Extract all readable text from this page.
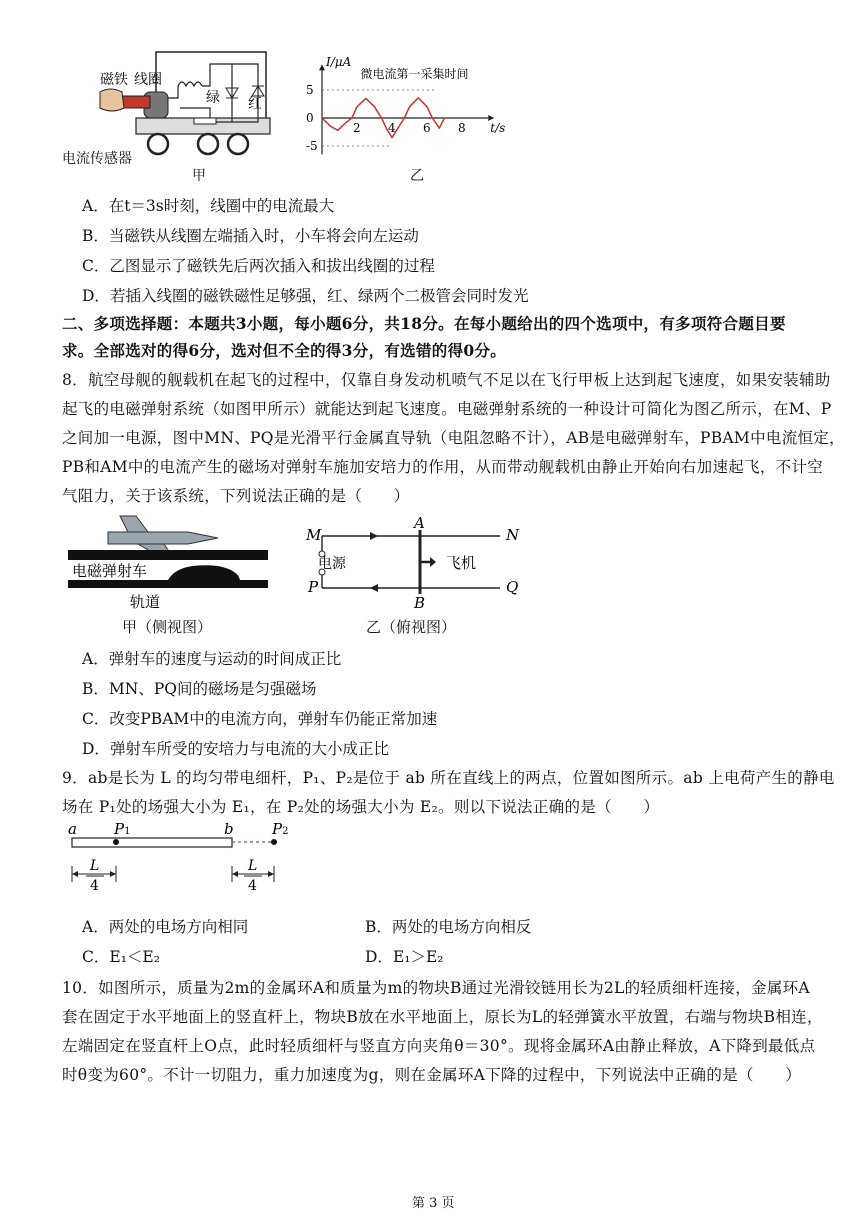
磁铁 线圈
绿 红
电流传感器
甲
5
0
-5
2 4 6 8
I/μA
微电流第一采集时间
t/s
乙
A．在t＝3s时刻，线圈中的电流最大
B．当磁铁从线圈左端插入时，小车将会向左运动
C．乙图显示了磁铁先后两次插入和拔出线圈的过程
D．若插入线圈的磁铁磁性足够强，红、绿两个二极管会同时发光
二、多项选择题：本题共3小题，每小题6分，共18分。在每小题给出的四个选项中，有多项符合题目要
求。全部选对的得6分，选对但不全的得3分，有选错的得0分。
8．航空母舰的舰载机在起飞的过程中，仅靠自身发动机喷气不足以在飞行甲板上达到起飞速度，如果安装辅助
起飞的电磁弹射系统（如图甲所示）就能达到起飞速度。电磁弹射系统的一种设计可简化为图乙所示，在M、P
之间加一电源，图中MN、PQ是光滑平行金属直导轨（电阻忽略不计），AB是电磁弹射车，PBAM中电流恒定，
PB和AM中的电流产生的磁场对弹射车施加安培力的作用，从而带动舰载机由静止开始向右加速起飞，不计空
气阻力，关于该系统，下列说法正确的是（　　）
电磁弹射车
轨道
甲（侧视图）
M	N
P	Q
A
B
电源	飞机
乙（俯视图）
A．弹射车的速度与运动的时间成正比
B．MN、PQ间的磁场是匀强磁场
C．改变PBAM中的电流方向，弹射车仍能正常加速
D．弹射车所受的安培力与电流的大小成正比
9．ab是长为 L 的均匀带电细杆，P₁、P₂是位于 ab 所在直线上的两点，位置如图所示。ab 上电荷产生的静电
场在 P₁处的场强大小为 E₁，在 P₂处的场强大小为 E₂。则以下说法正确的是（　　）
a	b
P1	P2
L
4
L
4
A．两处的电场方向相同	B．两处的电场方向相反
C．E₁＜E₂	D．E₁＞E₂
10．如图所示，质量为2m的金属环A和质量为m的物块B通过光滑铰链用长为2L的轻质细杆连接，金属环A
套在固定于水平地面上的竖直杆上，物块B放在水平地面上，原长为L的轻弹簧水平放置，右端与物块B相连，
左端固定在竖直杆上O点，此时轻质细杆与竖直方向夹角θ＝30°。现将金属环A由静止释放，A下降到最低点
时θ变为60°。不计一切阻力，重力加速度为g，则在金属环A下降的过程中，下列说法中正确的是（　　）
第 3 页
